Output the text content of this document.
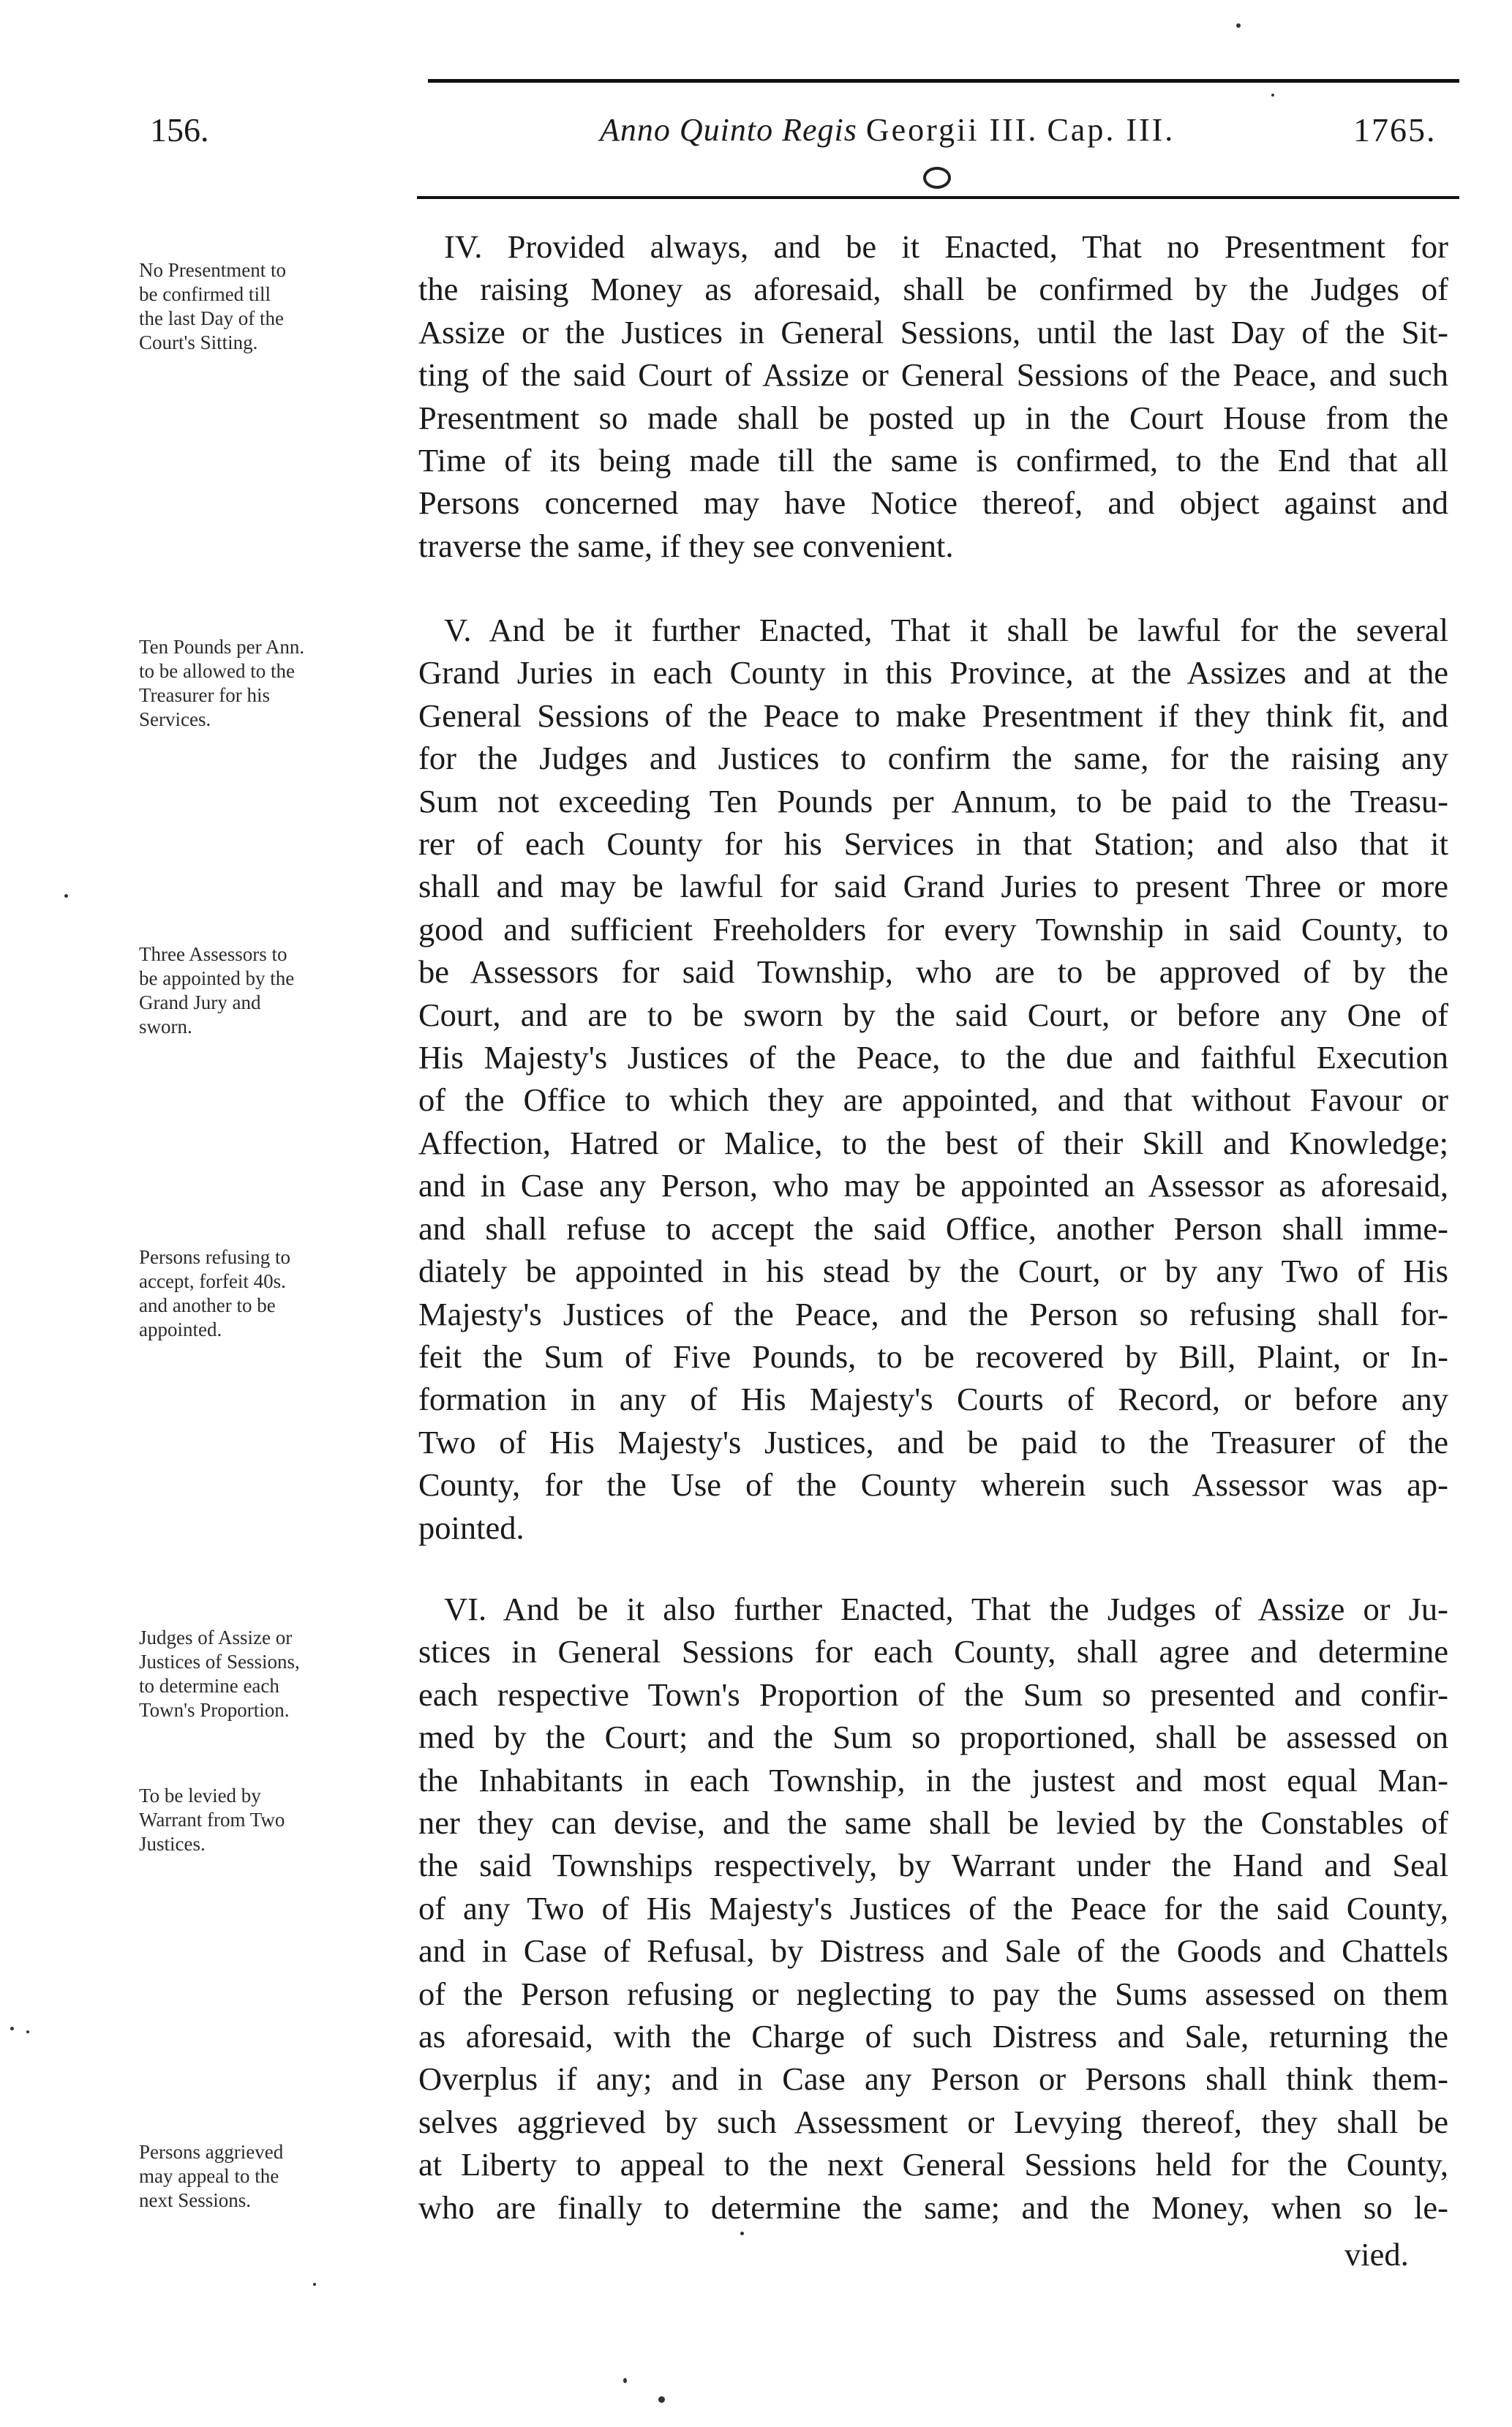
156.	Anno Quinto Regis Georgii III. Cap. III.	1765.
IV. Provided always, and be it Enacted, That no Presentment for
the raising Money as aforesaid, shall be confirmed by the Judges of
Assize or the Justices in General Sessions, until the last Day of the Sit-
ting of the said Court of Assize or General Sessions of the Peace, and such
Presentment so made shall be posted up in the Court House from the
Time of its being made till the same is confirmed, to the End that all
Persons concerned may have Notice thereof, and object against and
traverse the same, if they see convenient.
V. And be it further Enacted, That it shall be lawful for the several
Grand Juries in each County in this Province, at the Assizes and at the
General Sessions of the Peace to make Presentment if they think fit, and
for the Judges and Justices to confirm the same, for the raising any
Sum not exceeding Ten Pounds per Annum, to be paid to the Treasu-
rer of each County for his Services in that Station; and also that it
shall and may be lawful for said Grand Juries to present Three or more
good and sufficient Freeholders for every Township in said County, to
be Assessors for said Township, who are to be approved of by the
Court, and are to be sworn by the said Court, or before any One of
His Majesty's Justices of the Peace, to the due and faithful Execution
of the Office to which they are appointed, and that without Favour or
Affection, Hatred or Malice, to the best of their Skill and Knowledge;
and in Case any Person, who may be appointed an Assessor as aforesaid,
and shall refuse to accept the said Office, another Person shall imme-
diately be appointed in his stead by the Court, or by any Two of His
Majesty's Justices of the Peace, and the Person so refusing shall for-
feit the Sum of Five Pounds, to be recovered by Bill, Plaint, or In-
formation in any of His Majesty's Courts of Record, or before any
Two of His Majesty's Justices, and be paid to the Treasurer of the
County, for the Use of the County wherein such Assessor was ap-
pointed.
VI. And be it also further Enacted, That the Judges of Assize or Ju-
stices in General Sessions for each County, shall agree and determine
each respective Town's Proportion of the Sum so presented and confir-
med by the Court; and the Sum so proportioned, shall be assessed on
the Inhabitants in each Township, in the justest and most equal Man-
ner they can devise, and the same shall be levied by the Constables of
the said Townships respectively, by Warrant under the Hand and Seal
of any Two of His Majesty's Justices of the Peace for the said County,
and in Case of Refusal, by Distress and Sale of the Goods and Chattels
of the Person refusing or neglecting to pay the Sums assessed on them
as aforesaid, with the Charge of such Distress and Sale, returning the
Overplus if any; and in Case any Person or Persons shall think them-
selves aggrieved by such Assessment or Levying thereof, they shall be
at Liberty to appeal to the next General Sessions held for the County,
who are finally to determine the same; and the Money, when so le-
vied.
No Presentment to
be confirmed till
the last Day of the
Court's Sitting.
Ten Pounds per Ann.
to be allowed to the
Treasurer for his
Services.
Three Assessors to
be appointed by the
Grand Jury and
sworn.
Persons refusing to
accept, forfeit 40s.
and another to be
appointed.
Judges of Assize or
Justices of Sessions,
to determine each
Town's Proportion.
To be levied by
Warrant from Two
Justices.
Persons aggrieved
may appeal to the
next Sessions.
